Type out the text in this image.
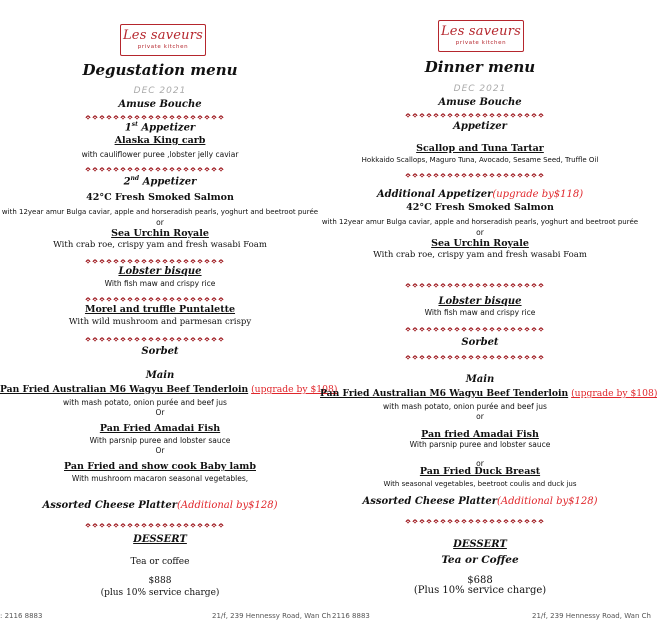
Les saveurs
private kitchen
Degustation menu
DEC 2021
Amuse Bouche
1st Appetizer
Alaska King carb
with cauliflower puree ,lobster jelly caviar
2nd Appetizer
42°C Fresh Smoked Salmon
with 12year amur Bulga caviar, apple and horseradish pearls, yoghurt and beetroot purée
or
Sea Urchin Royale
With crab roe, crispy yam and fresh wasabi Foam
Lobster bisque
With fish maw and crispy rice
Morel and truffle Puntalette
With wild mushroom and parmesan crispy
Sorbet
Main
Pan Fried Australian M6 Wagyu Beef Tenderloin (upgrade by $108)
with mash potato, onion purée and beef jus
Or
Pan Fried Amadai Fish
With parsnip puree and lobster sauce
Or
Pan Fried and show cook Baby lamb
With mushroom macaron seasonal vegetables,
Assorted Cheese Platter(Additional by$128)
DESSERT
Tea or coffee
$888
(plus 10% service charge)
: 2116 8883	21/f, 239 Hennessy Road, Wan Ch
Les saveurs
private kitchen
Dinner menu
DEC 2021
Amuse Bouche
Appetizer
Scallop and Tuna Tartar
Hokkaido Scallops, Maguro Tuna, Avocado, Sesame Seed, Truffle Oil
Additional Appetizer(upgrade by$118)
42°C Fresh Smoked Salmon
with 12year amur Bulga caviar, apple and horseradish pearls, yoghurt and beetroot purée
or
Sea Urchin Royale
With crab roe, crispy yam and fresh wasabi Foam
Lobster bisque
With fish maw and crispy rice
Sorbet
Main
Pan Fried Australian M6 Wagyu Beef Tenderloin (upgrade by $108)
with mash potato, onion purée and beef jus
or
Pan fried Amadai Fish
With parsnip puree and lobster sauce
or
Pan Fried Duck Breast
With seasonal vegetables, beetroot coulis and duck jus
Assorted Cheese Platter(Additional by$128)
DESSERT
Tea or Coffee
$688
(Plus 10% service charge)
2116 8883	21/f, 239 Hennessy Road, Wan Ch
